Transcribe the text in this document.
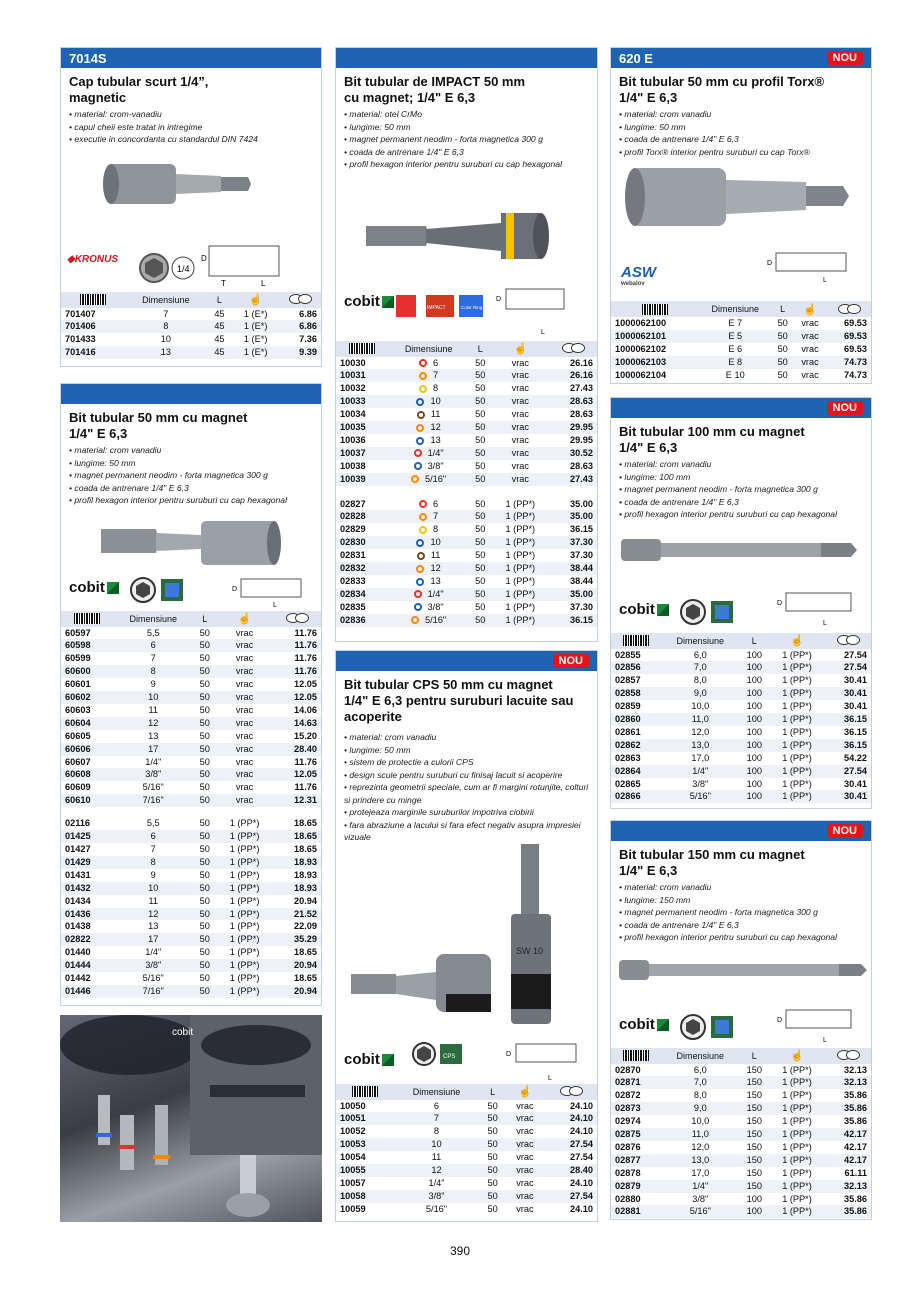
7014S
Cap tubular scurt 1/4”,
magnetic
• material: crom-vanadiu
• capul cheii este tratat in intregime
• executie in concordanta cu standardul DIN 7424
1/4
D
T	L
◆KRONUS
	Dimensiune	L	☝	
701407	7	45	1 (E*)	6.86
701406	8	45	1 (E*)	6.86
701433	10	45	1 (E*)	7.36
701416	13	45	1 (E*)	9.39
Bit tubular 50 mm cu magnet
1/4" E 6,3
• material: crom vanadiu
• lungime: 50 mm
• magnet permanent neodim - forta magnetica 300 g
• coada de antrenare 1/4" E 6,3
• profil hexagon interior pentru suruburi cu cap hexagonal
D
L
cobit
	Dimensiune	L	☝	
60597	5,5	50	vrac	11.76
60598	6	50	vrac	11.76
60599	7	50	vrac	11.76
60600	8	50	vrac	11.76
60601	9	50	vrac	12.05
60602	10	50	vrac	12.05
60603	11	50	vrac	14.06
60604	12	50	vrac	14.63
60605	13	50	vrac	15.20
60606	17	50	vrac	28.40
60607	1/4"	50	vrac	11.76
60608	3/8"	50	vrac	12.05
60609	5/16"	50	vrac	11.76
60610	7/16"	50	vrac	12.31

02116	5,5	50	1 (PP*)	18.65
01425	6	50	1 (PP*)	18.65
01427	7	50	1 (PP*)	18.65
01429	8	50	1 (PP*)	18.93
01431	9	50	1 (PP*)	18.93
01432	10	50	1 (PP*)	18.93
01434	11	50	1 (PP*)	20.94
01436	12	50	1 (PP*)	21.52
01438	13	50	1 (PP*)	22.09
02822	17	50	1 (PP*)	35.29
01440	1/4"	50	1 (PP*)	18.65
01444	3/8"	50	1 (PP*)	20.94
01442	5/16"	50	1 (PP*)	18.65
01446	7/16"	50	1 (PP*)	20.94
cobit
Bit tubular de IMPACT 50 mm
cu magnet; 1/4" E 6,3
• material: otel CrMo
• lungime: 50 mm
• magnet permanent neodim - forta magnetica 300 g
• coada de antrenare 1/4" E 6,3
• profil hexagon interior pentru suruburi cu cap hexagonal
IMPACT	Color Ring
D
L
cobit
	Dimensiune	L	☝	
10030	6	50	vrac	26.16
10031	7	50	vrac	26.16
10032	8	50	vrac	27.43
10033	10	50	vrac	28.63
10034	11	50	vrac	28.63
10035	12	50	vrac	29.95
10036	13	50	vrac	29.95
10037	1/4"	50	vrac	30.52
10038	3/8"	50	vrac	28.63
10039	5/16"	50	vrac	27.43

02827	6	50	1 (PP*)	35.00
02828	7	50	1 (PP*)	35.00
02829	8	50	1 (PP*)	36.15
02830	10	50	1 (PP*)	37.30
02831	11	50	1 (PP*)	37.30
02832	12	50	1 (PP*)	38.44
02833	13	50	1 (PP*)	38.44
02834	1/4"	50	1 (PP*)	35.00
02835	3/8"	50	1 (PP*)	37.30
02836	5/16"	50	1 (PP*)	36.15
NOU
Bit tubular CPS 50 mm cu magnet
1/4" E 6,3 pentru suruburi lacuite sau
acoperite
• material: crom vanadiu
• lungime: 50 mm
• sistem de protectie a culorii CPS
• design scule pentru suruburi cu finisaj lacuit si acoperire
• reprezinta geometrii speciale, cum ar fi margini rotunjite, colturi si prindere cu minge
• protejeaza marginile suruburilor impotriva ciobirii
• fara abraziune a lacului si fara efect negativ asupra impresiei vizuale
SW 10
CPS	D
L
cobit
	Dimensiune	L	☝	
10050	6	50	vrac	24.10
10051	7	50	vrac	24.10
10052	8	50	vrac	24.10
10053	10	50	vrac	27.54
10054	11	50	vrac	27.54
10055	12	50	vrac	28.40
10057	1/4"	50	vrac	24.10
10058	3/8"	50	vrac	27.54
10059	5/16"	50	vrac	24.10
620 E	NOU
Bit tubular 50 mm cu profil Torx®
1/4" E 6,3
• material: crom vanadiu
• lungime: 50 mm
• coada de antrenare 1/4" E 6,3
• profil Torx® interior pentru suruburi cu cap Torx®
D
L
ASW
webalov
	Dimensiune	L	☝	
1000062100	E 7	50	vrac	69.53
1000062101	E 5	50	vrac	69.53
1000062102	E 6	50	vrac	69.53
1000062103	E 8	50	vrac	74.73
1000062104	E 10	50	vrac	74.73
NOU
Bit tubular 100 mm cu magnet
1/4" E 6,3
• material: crom vanadiu
• lungime: 100 mm
• magnet permanent neodim - forta magnetica 300 g
• coada de antrenare 1/4" E 6,3
• profil hexagon interior pentru suruburi cu cap hexagonal
D
L
cobit
	Dimensiune	L	☝	
02855	6,0	100	1 (PP*)	27.54
02856	7,0	100	1 (PP*)	27.54
02857	8,0	100	1 (PP*)	30.41
02858	9,0	100	1 (PP*)	30.41
02859	10,0	100	1 (PP*)	30.41
02860	11,0	100	1 (PP*)	36.15
02861	12,0	100	1 (PP*)	36.15
02862	13,0	100	1 (PP*)	36.15
02863	17,0	100	1 (PP*)	54.22
02864	1/4"	100	1 (PP*)	27.54
02865	3/8"	100	1 (PP*)	30.41
02866	5/16"	100	1 (PP*)	30.41
NOU
Bit tubular 150 mm cu magnet
1/4" E 6,3
• material: crom vanadiu
• lungime: 150 mm
• magnet permanent neodim - forta magnetica 300 g
• coada de antrenare 1/4" E 6,3
• profil hexagon interior pentru suruburi cu cap hexagonal
D
L
cobit
	Dimensiune	L	☝	
02870	6,0	150	1 (PP*)	32.13
02871	7,0	150	1 (PP*)	32.13
02872	8,0	150	1 (PP*)	35.86
02873	9,0	150	1 (PP*)	35.86
02974	10,0	150	1 (PP*)	35.86
02875	11,0	150	1 (PP*)	42.17
02876	12,0	150	1 (PP*)	42.17
02877	13,0	150	1 (PP*)	42.17
02878	17,0	150	1 (PP*)	61.11
02879	1/4"	150	1 (PP*)	32.13
02880	3/8"	100	1 (PP*)	35.86
02881	5/16"	100	1 (PP*)	35.86
390
